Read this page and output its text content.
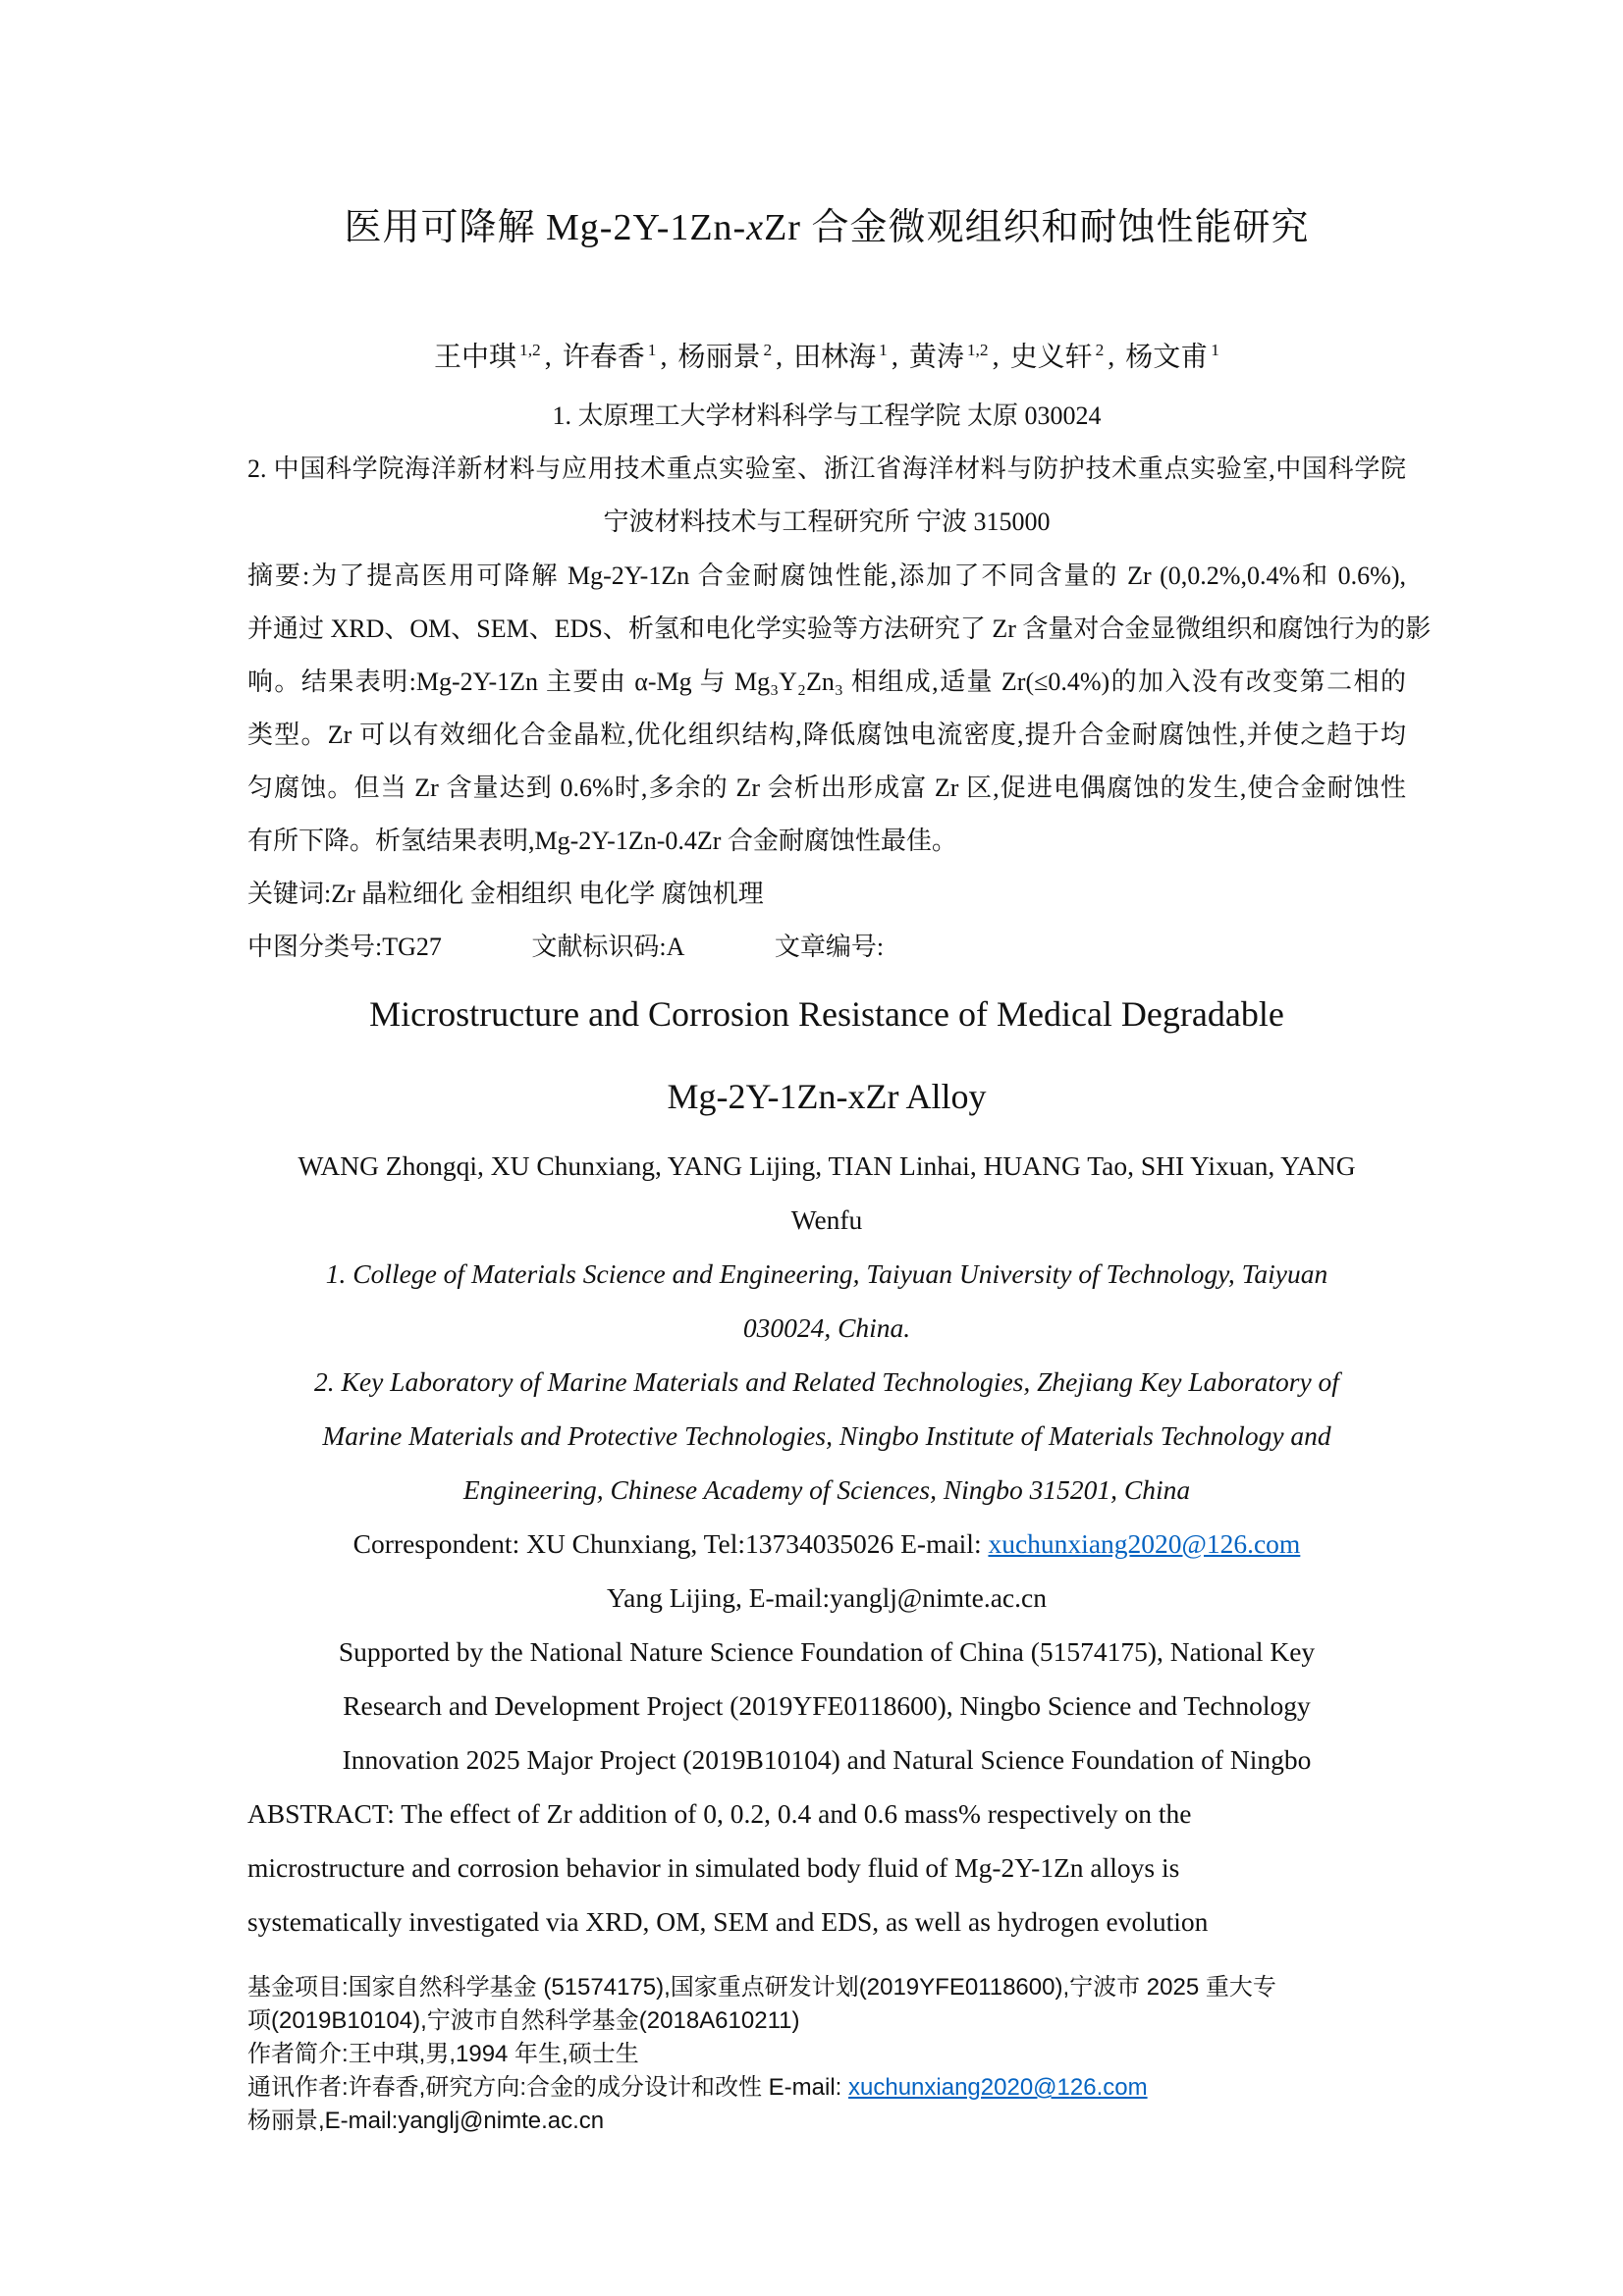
医用可降解 Mg-2Y-1Zn-xZr 合金微观组织和耐蚀性能研究
王中琪 $^{1,2}$ , 许春香 $^1$ , 杨丽景 $^2$ , 田林海 $^1$ , 黄涛 $^{1,2}$ , 史义轩 $^2$ , 杨文甫 $^1$
1. 太原理工大学材料科学与工程学院 太原 030024
2. 中国科学院海洋新材料与应用技术重点实验室、浙江省海洋材料与防护技术重点实验室,中国科学院
宁波材料技术与工程研究所 宁波 315000
摘要:为了提高医用可降解 Mg-2Y-1Zn 合金耐腐蚀性能,添加了不同含量的 Zr (0,0.2%,0.4%和 0.6%),
并通过 XRD、OM、SEM、EDS、析氢和电化学实验等方法研究了 Zr 含量对合金显微组织和腐蚀行为的影
响。结果表明:Mg-2Y-1Zn 主要由 α-Mg 与 Mg₃Y₂Zn₃ 相组成,适量 Zr(≤0.4%)的加入没有改变第二相的
类型。Zr 可以有效细化合金晶粒,优化组织结构,降低腐蚀电流密度,提升合金耐腐蚀性,并使之趋于均
匀腐蚀。但当 Zr 含量达到 0.6%时,多余的 Zr 会析出形成富 Zr 区,促进电偶腐蚀的发生,使合金耐蚀性
有所下降。析氢结果表明,Mg-2Y-1Zn-0.4Zr 合金耐腐蚀性最佳。
关键词:Zr 晶粒细化 金相组织 电化学 腐蚀机理
中图分类号:TG27	文献标识码:A	文章编号:
Microstructure and Corrosion Resistance of Medical Degradable
Mg-2Y-1Zn-xZr Alloy
WANG Zhongqi, XU Chunxiang, YANG Lijing, TIAN Linhai, HUANG Tao, SHI Yixuan, YANG
Wenfu
1. College of Materials Science and Engineering, Taiyuan University of Technology, Taiyuan
030024, China.
2. Key Laboratory of Marine Materials and Related Technologies, Zhejiang Key Laboratory of
Marine Materials and Protective Technologies, Ningbo Institute of Materials Technology and
Engineering, Chinese Academy of Sciences, Ningbo 315201, China
Correspondent: XU Chunxiang, Tel:13734035026 E-mail: xuchunxiang2020@126.com
Yang Lijing, E-mail:yanglj@nimte.ac.cn
Supported by the National Nature Science Foundation of China (51574175), National Key
Research and Development Project (2019YFE0118600), Ningbo Science and Technology
Innovation 2025 Major Project (2019B10104) and Natural Science Foundation of Ningbo
ABSTRACT: The effect of Zr addition of 0, 0.2, 0.4 and 0.6 mass% respectively on the
microstructure and corrosion behavior in simulated body fluid of Mg-2Y-1Zn alloys is
systematically investigated via XRD, OM, SEM and EDS, as well as hydrogen evolution
基金项目:国家自然科学基金 (51574175),国家重点研发计划(2019YFE0118600),宁波市 2025 重大专
项(2019B10104),宁波市自然科学基金(2018A610211)
作者简介:王中琪,男,1994 年生,硕士生
通讯作者:许春香,研究方向:合金的成分设计和改性 E-mail: xuchunxiang2020@126.com
杨丽景,E-mail:yanglj@nimte.ac.cn
